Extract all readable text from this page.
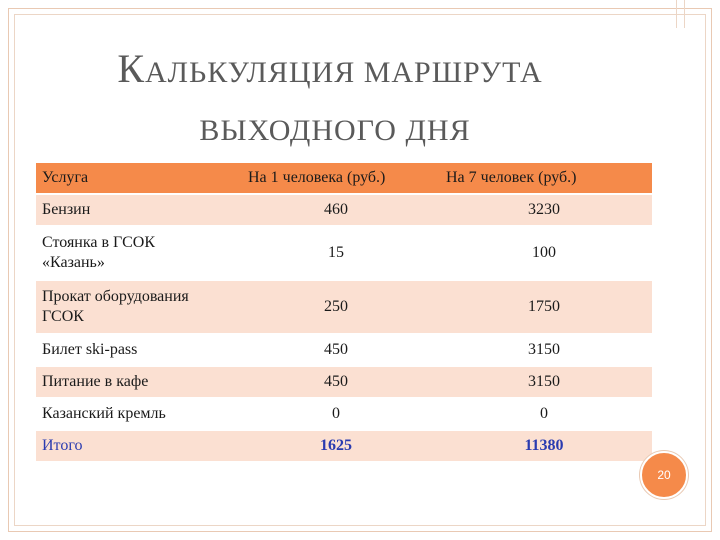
КАЛЬКУЛЯЦИЯ МАРШРУТА
ВЫХОДНОГО ДНЯ
Услуга	На 1 человека (руб.)	На 7 человек (руб.)
Бензин	460	3230
Стоянка в ГСОК
«Казань»	15	100
Прокат оборудования
ГСОК	250	1750
Билет ski-pass	450	3150
Питание в кафе	450	3150
Казанский кремль	0	0
Итого	1625	11380
20
